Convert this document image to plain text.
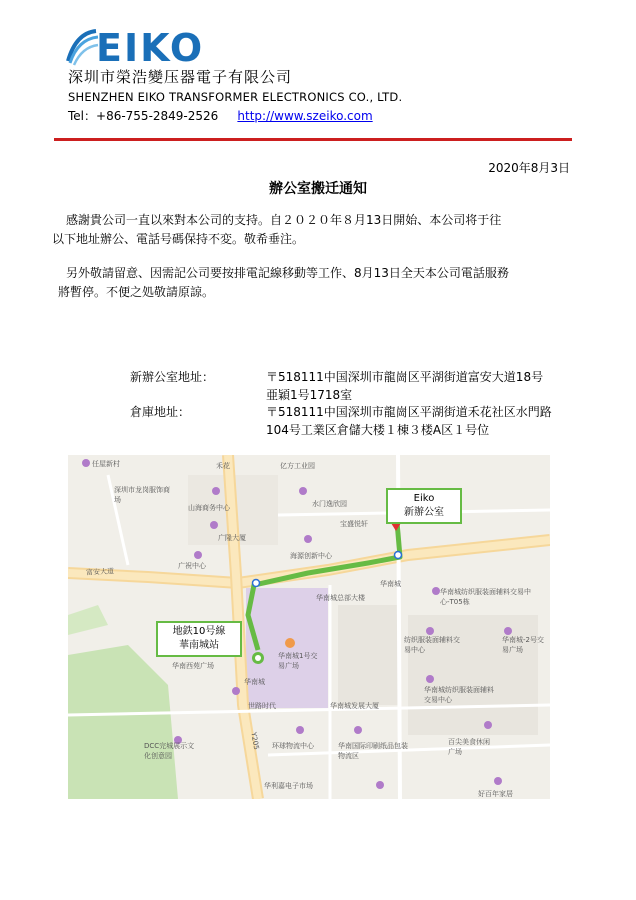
EIKO
深圳市榮浩變压器電子有限公司
SHENZHEN EIKO TRANSFORMER ELECTRONICS CO., LTD.
Tel：+86-755-2849-2526 http://www.szeiko.com
2020年8月3日
辦公室搬迁通知
感謝貴公司一直以來對本公司的支持。自２０２０年８月13日開始、本公司将于往
以下地址辦公、電話号碼保持不変。敬希垂注。
另外敬請留意、因需記公司要按排電記線移動等工作、8月13日全天本公司電話服務
將暫停。不便之処敬請原諒。
新辦公室地址：	〒518111中国深圳市龍崗区平湖街道富安大道18号
亜穎1号1718室
倉庫地址：	〒518111中国深圳市龍崗区平湖街道禾花社区水門路
104号工業区倉儲大楼１棟３楼A区１号位
任屋新村	禾花	亿方工业园
深圳市龙岗服饰商场
山海商务中心	水门逸欣园
广隆大厦
宝盛悦轩
海源创新中心
广祝中心
富安大道
华南城
华南城纺织服装面辅料交易中心-T05栋
华南城总部大楼
华南城1号交易广场
纺织服装面辅料交易中心
华南城-2号交易广场
华南西苑广场
华南城
华南城纺织服装面辅料交易中心
世路时代	华南城发展大厦
DCC完城展示文化创意园
环球物流中心	华南国际印刷纸品包装物流区
百尖美食休闲广场
华利嘉电子市场
好百年家居
Y205
Eiko
新辦公室
地鉄10号線
華南城站
